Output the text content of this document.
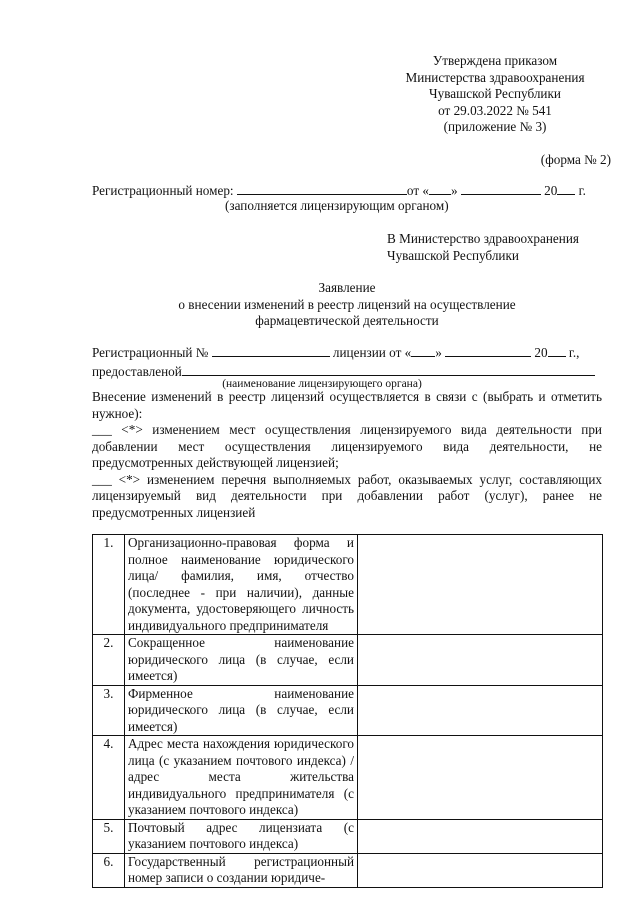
Утверждена приказом
Министерства здравоохранения
Чувашской Республики
от 29.03.2022 № 541
(приложение № 3)
(форма № 2)
Регистрационный номер:	от « »	20 г.
(заполняется лицензирующим органом)
В Министерство здравоохранения
Чувашской Республики
Заявление
о внесении изменений в реестр лицензий на осуществление
фармацевтической деятельности
Регистрационный №	лицензии от « »	20 г.,
предоставленой
(наименование лицензирующего органа)

Внесение изменений в реестр лицензий осуществляется в связи с (выбрать и отметить нужное):

___ <*> изменением мест осуществления лицензируемого вида деятельности при добавлении мест осуществления лицензируемого вида деятельности, не предусмотренных действующей лицензией;

___ <*> изменением перечня выполняемых работ, оказываемых услуг, составляющих лицензируемый вид деятельности при добавлении работ (услуг), ранее не предусмотренных лицензией

1.	Организационно-правовая форма и полное наименование юридического лица/ фамилия, имя, отчество (последнее - при наличии), данные документа, удостоверяющего личность индивидуального предпринимателя	
2.	Сокращенное наименование юридического лица (в случае, если имеется)	
3.	Фирменное наименование юридического лица (в случае, если имеется)	
4.	Адрес места нахождения юридического лица (с указанием почтового индекса) /адрес места жительства индивидуального предпринимателя (с указанием почтового индекса)	
5.	Почтовый адрес лицензиата (с указанием почтового индекса)	
6.	Государственный регистрационный номер записи о создании юридиче-	
